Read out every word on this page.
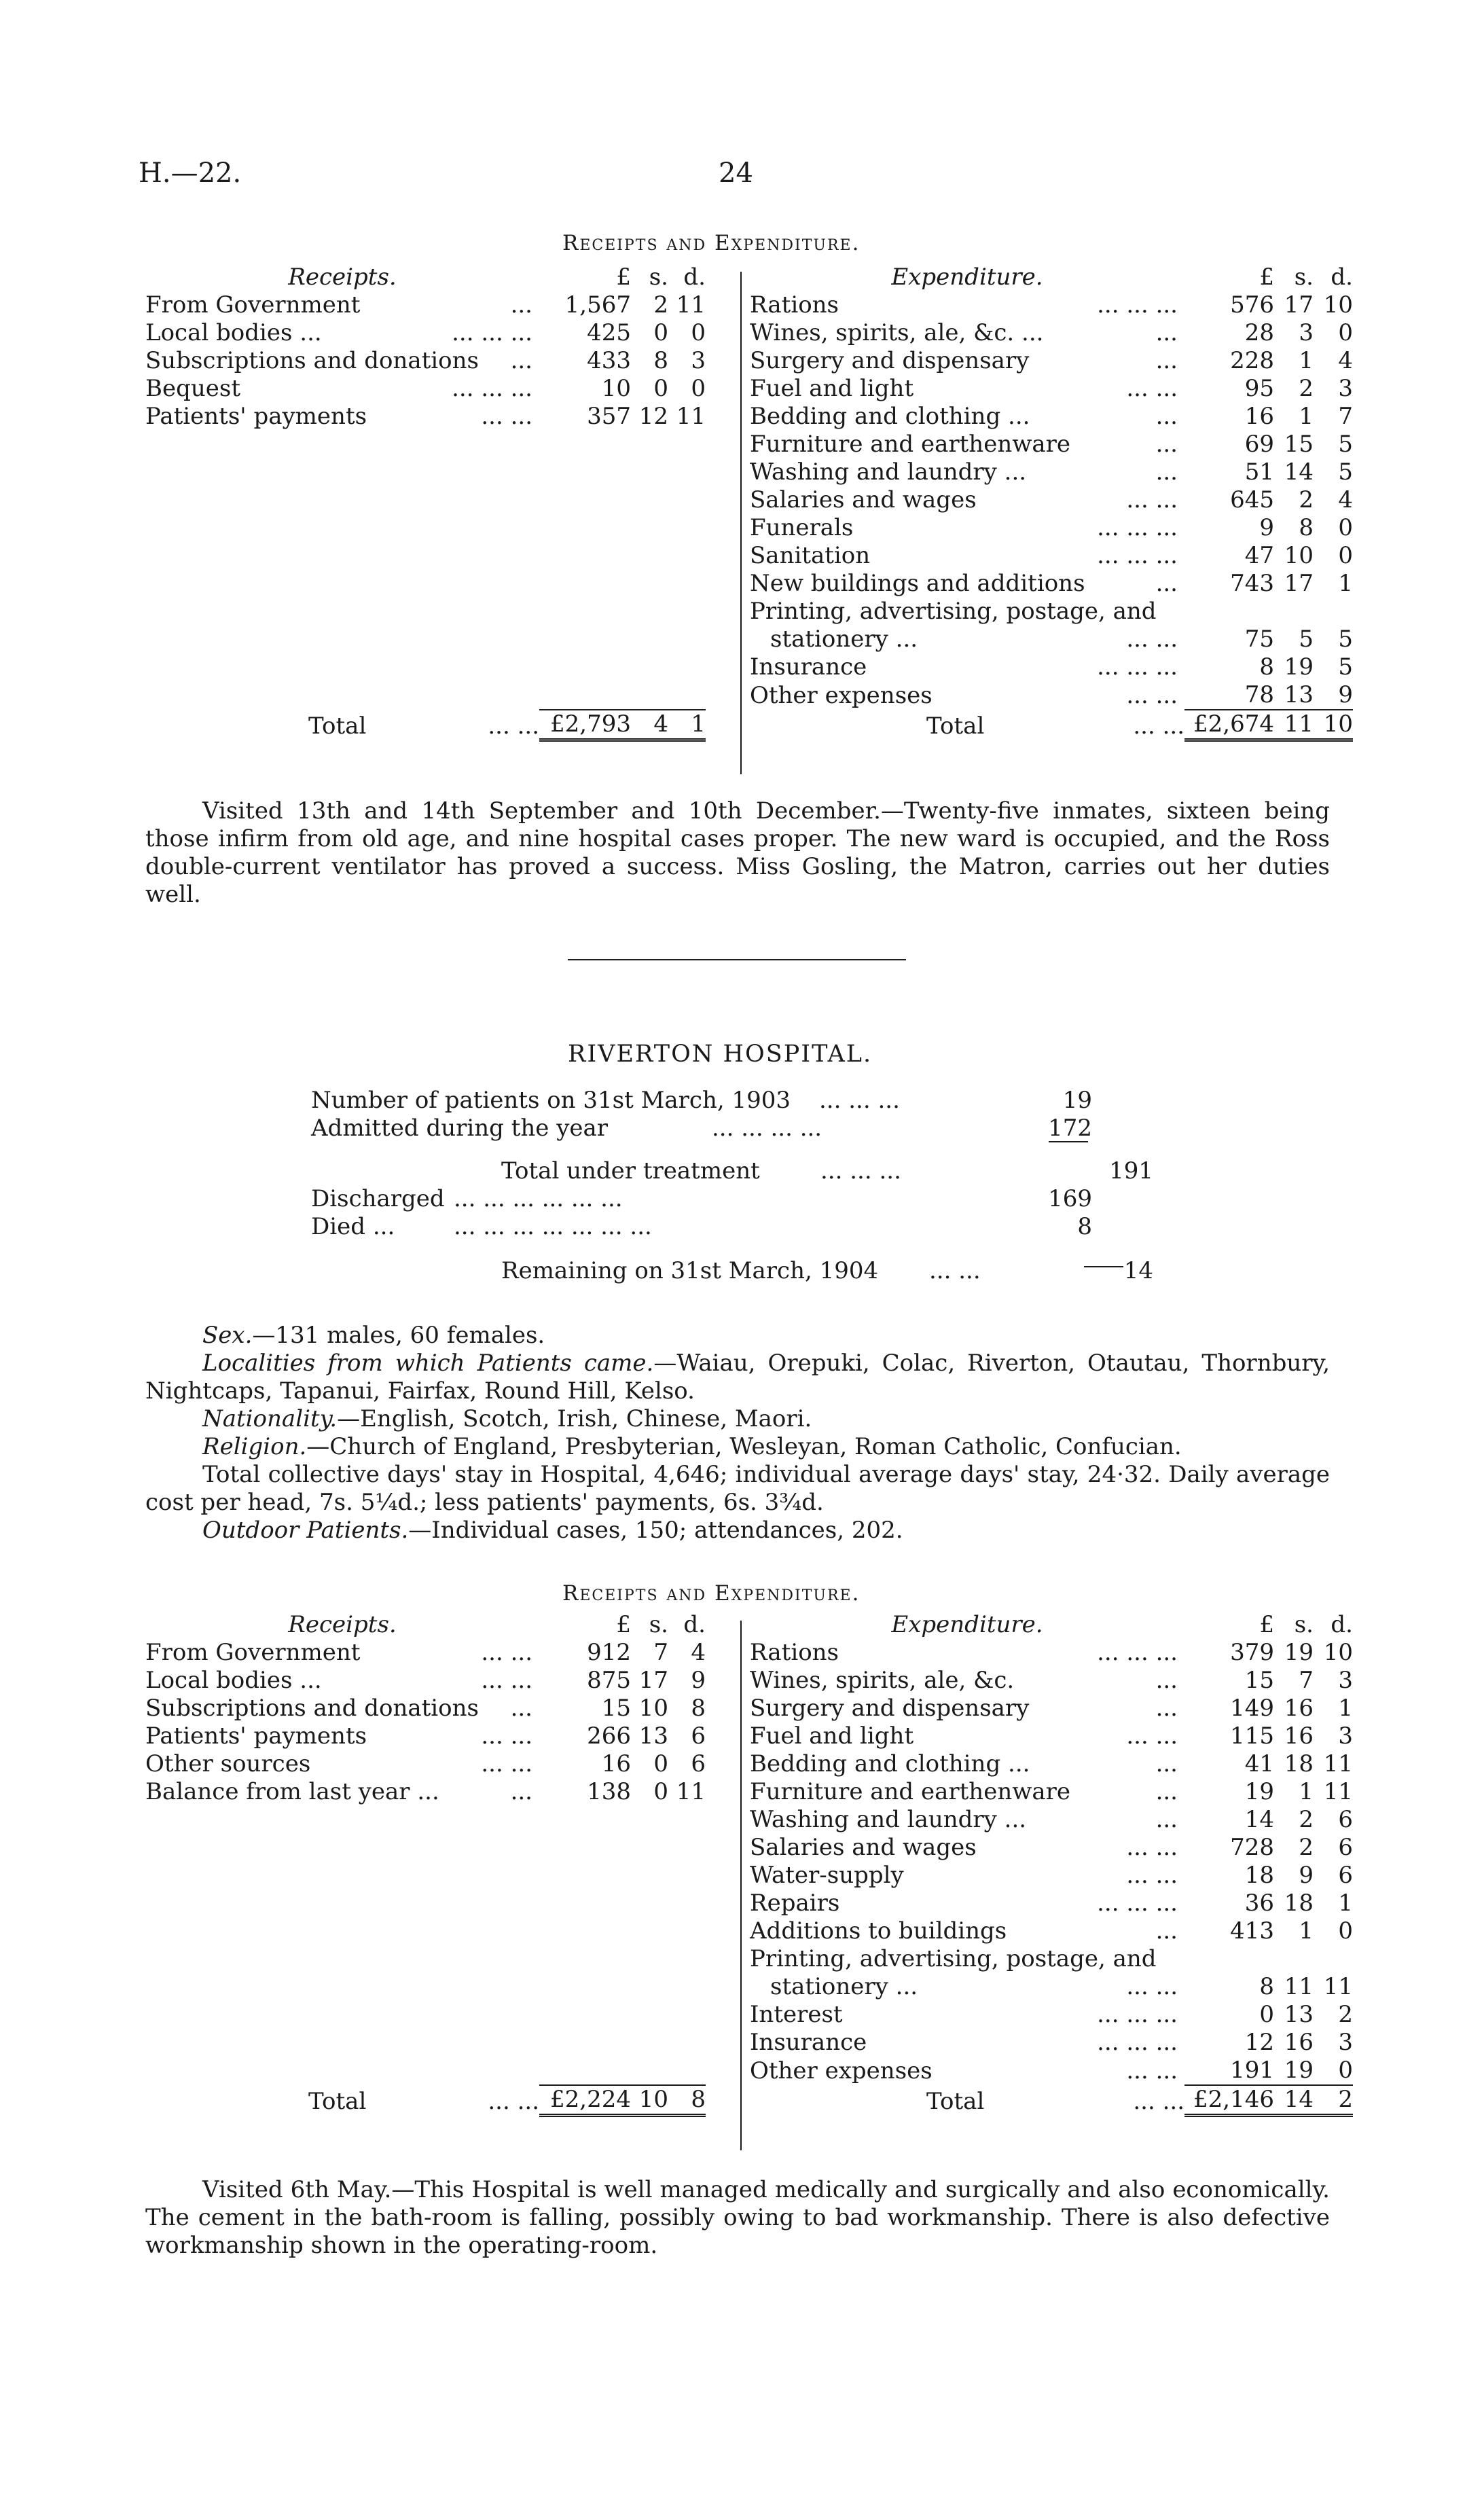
H.—22.	24
Receipts and Expenditure.
Receipts.	£	s.	d.
From Government ...	1,567	2	11
Local bodies ... ... ... ...	425	0	0
Subscriptions and donations ...	433	8	3
Bequest ... ... ...	10	0	0
Patients' payments ... ...	357	12	11

Total ... ...	£2,793	4	1
Expenditure.	£	s.	d.
Rations ... ... ...	576	17	10
Wines, spirits, ale, &c. ... ...	28	3	0
Surgery and dispensary ...	228	1	4
Fuel and light ... ...	95	2	3
Bedding and clothing ... ...	16	1	7
Furniture and earthenware ...	69	15	5
Washing and laundry ... ...	51	14	5
Salaries and wages ... ...	645	2	4
Funerals ... ... ...	9	8	0
Sanitation ... ... ...	47	10	0
New buildings and additions ...	743	17	1
Printing, advertising, postage, and

stationery ... ... ...	75	5	5
Insurance ... ... ...	8	19	5
Other expenses ... ...	78	13	9
Total ... ...	£2,674	11	10

Visited 13th and 14th September and 10th December.—Twenty-five inmates, sixteen being those infirm from old age, and nine hospital cases proper. The new ward is occupied, and the Ross double-current ventilator has proved a success. Miss Gosling, the Matron, carries out her duties well.

RIVERTON HOSPITAL.
Number of patients on 31st March, 1903 ... ... ...	19
Admitted during the year	... ... ... ...	172
Total under treatment	... ... ...	191
Discharged ... ... ... ... ... ...	169
Died ...	... ... ... ... ... ... ...	8
Remaining on 31st March, 1904 ... ...	14

Sex.—131 males, 60 females.

Localities from which Patients came.—Waiau, Orepuki, Colac, Riverton, Otautau, Thornbury, Nightcaps, Tapanui, Fairfax, Round Hill, Kelso.

Nationality.—English, Scotch, Irish, Chinese, Maori.

Religion.—Church of England, Presbyterian, Wesleyan, Roman Catholic, Confucian.

Total collective days' stay in Hospital, 4,646; individual average days' stay, 24·32. Daily average cost per head, 7s. 5¼d.; less patients' payments, 6s. 3¾d.

Outdoor Patients.—Individual cases, 150; attendances, 202.

Receipts and Expenditure.
Receipts.	£	s.	d.
From Government ... ...	912	7	4
Local bodies ... ... ...	875	17	9
Subscriptions and donations ...	15	10	8
Patients' payments ... ...	266	13	6
Other sources ... ...	16	0	6
Balance from last year ... ...	138	0	11

Total ... ...	£2,224	10	8
Expenditure.	£	s.	d.
Rations ... ... ...	379	19	10
Wines, spirits, ale, &c. ...	15	7	3
Surgery and dispensary ...	149	16	1
Fuel and light ... ...	115	16	3
Bedding and clothing ... ...	41	18	11
Furniture and earthenware ...	19	1	11
Washing and laundry ... ...	14	2	6
Salaries and wages ... ...	728	2	6
Water-supply ... ...	18	9	6
Repairs ... ... ...	36	18	1
Additions to buildings ...	413	1	0
Printing, advertising, postage, and

stationery ... ... ...	8	11	11
Interest ... ... ...	0	13	2
Insurance ... ... ...	12	16	3
Other expenses ... ...	191	19	0
Total ... ...	£2,146	14	2

Visited 6th May.—This Hospital is well managed medically and surgically and also economically. The cement in the bath-room is falling, possibly owing to bad workmanship. There is also defective workmanship shown in the operating-room.
